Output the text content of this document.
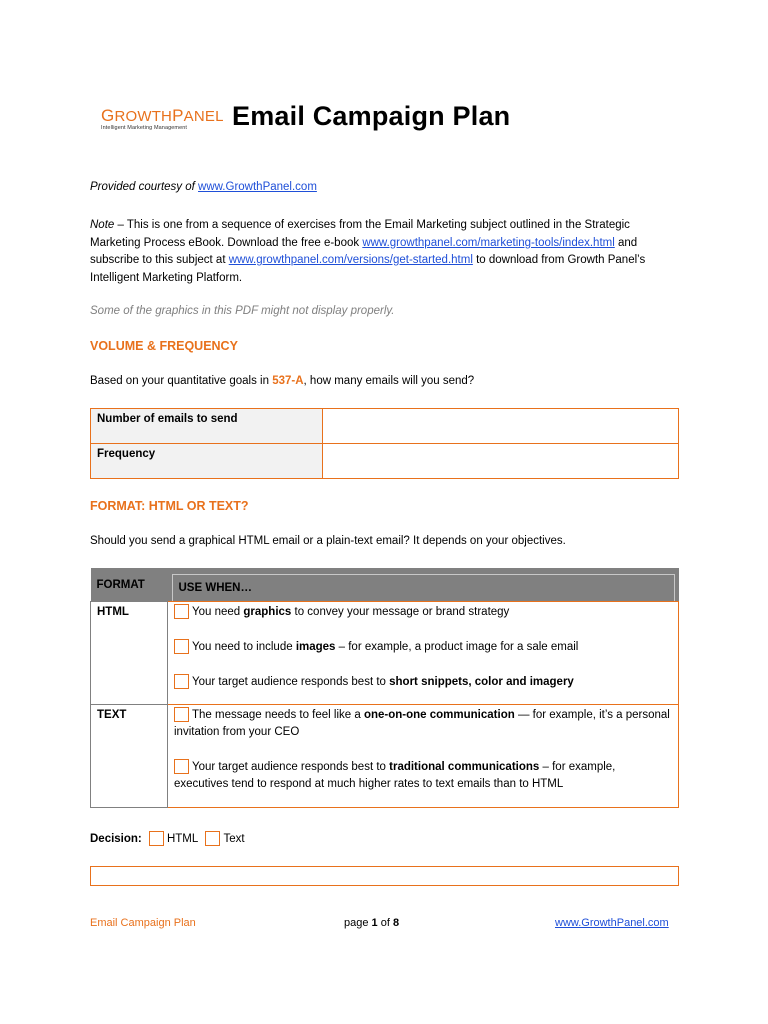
GROWTHPANEL
Intelligent Marketing Management	Email Campaign Plan
Provided courtesy of www.GrowthPanel.com
Note – This is one from a sequence of exercises from the Email Marketing subject outlined in the Strategic Marketing Process eBook. Download the free e-book www.growthpanel.com/marketing-tools/index.html and subscribe to this subject at www.growthpanel.com/versions/get-started.html to download from Growth Panel’s Intelligent Marketing Platform.
Some of the graphics in this PDF might not display properly.
VOLUME & FREQUENCY
Based on your quantitative goals in 537-A, how many emails will you send?
Number of emails to send	
Frequency	
FORMAT: HTML OR TEXT?
Should you send a graphical HTML email or a plain-text email? It depends on your objectives.
FORMAT	USE WHEN…

HTML	You need graphics to convey your message or brand strategy
You need to include images – for example, a product image for a sale email
Your target audience responds best to short snippets, color and imagery

TEXT	The message needs to feel like a one-on-one communication — for example, it’s a personal invitation from your CEO
Your target audience responds best to traditional communications – for example, executives tend to respond at much higher rates to text emails than to HTML
Decision: HTML Text
Email Campaign Plan	page 1 of 8	www.GrowthPanel.com
